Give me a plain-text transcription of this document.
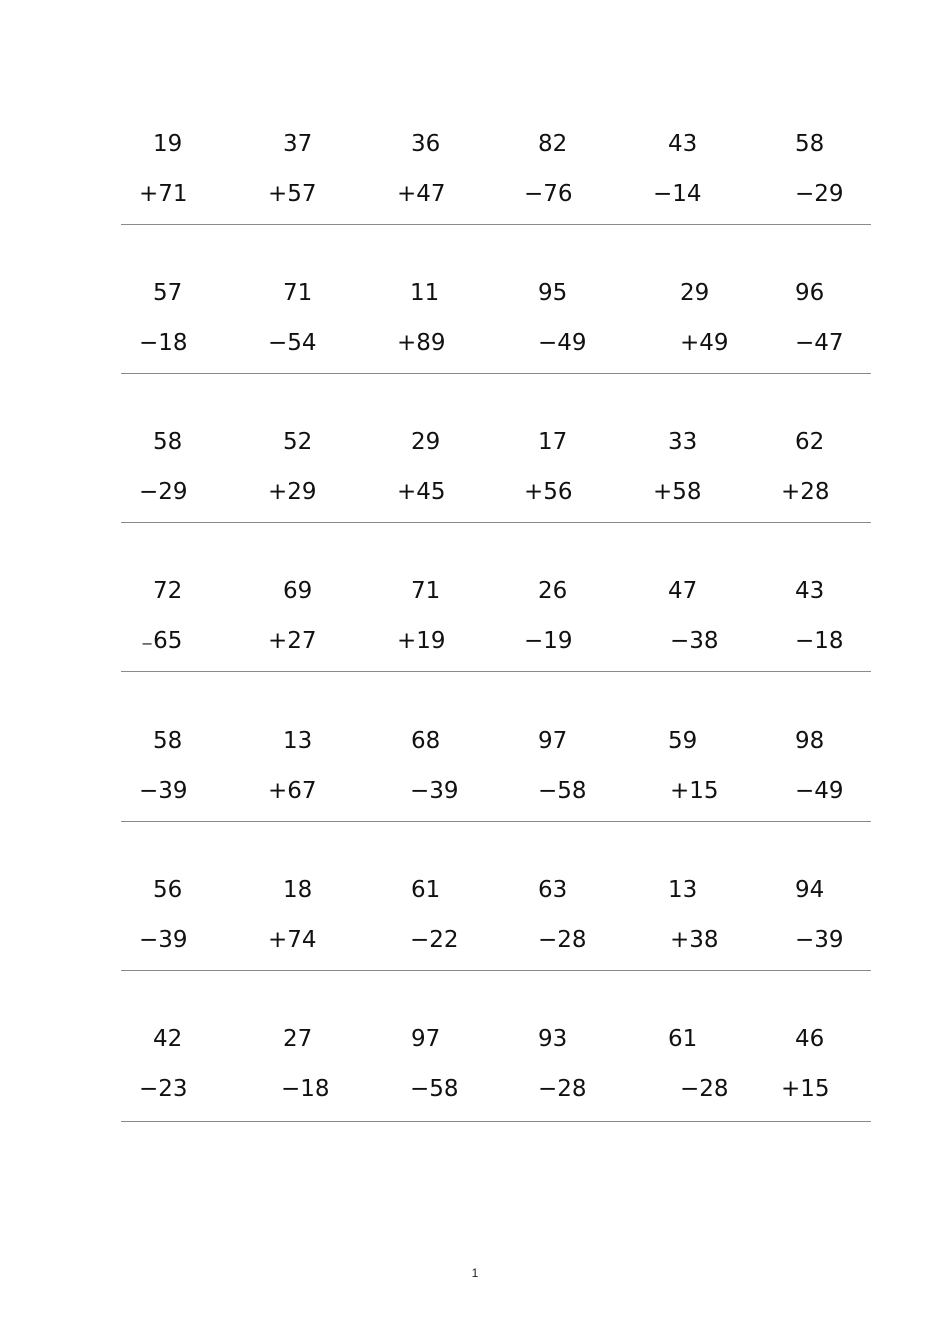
19
+71
37
+57
36
+47
82
−76
43
−14
58
−29
57
−18
71
−54
11
+89
95
−49
29
+49
96
−47
58
−29
52
+29
29
+45
17
+56
33
+58
62
+28
72
₋65
69
+27
71
+19
26
−19
47
−38
43
−18
58
−39
13
+67
68
−39
97
−58
59
+15
98
−49
56
−39
18
+74
61
−22
63
−28
13
+38
94
−39
42
−23
27
−18
97
−58
93
−28
61
−28
46
+15
1
